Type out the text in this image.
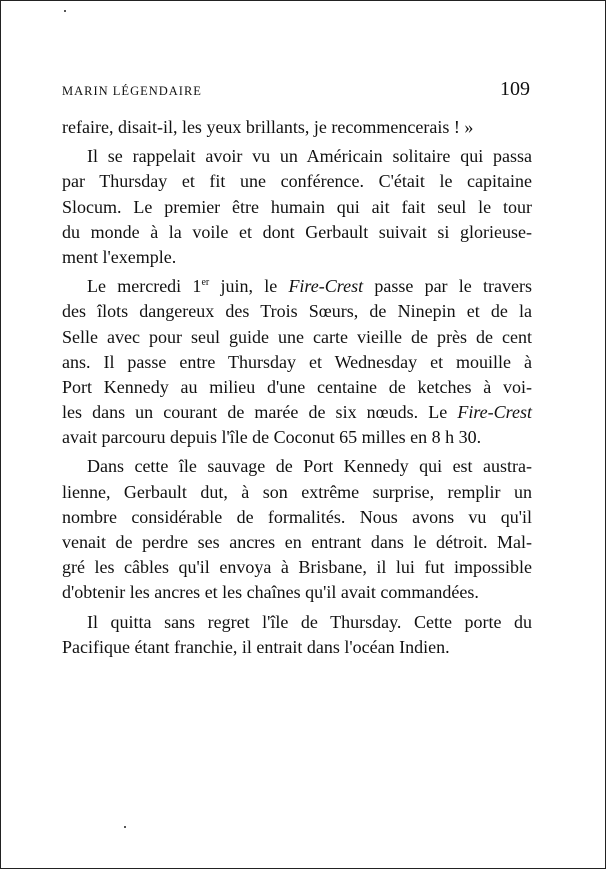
MARIN LÉGENDAIRE	109
refaire, disait-il, les yeux brillants, je recommencerais ! »
Il se rappelait avoir vu un Américain solitaire qui passa
par Thursday et fit une conférence. C'était le capitaine
Slocum. Le premier être humain qui ait fait seul le tour
du monde à la voile et dont Gerbault suivait si glorieuse-
ment l'exemple.
Le mercredi 1er juin, le Fire-Crest passe par le travers
des îlots dangereux des Trois Sœurs, de Ninepin et de la
Selle avec pour seul guide une carte vieille de près de cent
ans. Il passe entre Thursday et Wednesday et mouille à
Port Kennedy au milieu d'une centaine de ketches à voi-
les dans un courant de marée de six nœuds. Le Fire-Crest
avait parcouru depuis l'île de Coconut 65 milles en 8 h 30.
Dans cette île sauvage de Port Kennedy qui est austra-
lienne, Gerbault dut, à son extrême surprise, remplir un
nombre considérable de formalités. Nous avons vu qu'il
venait de perdre ses ancres en entrant dans le détroit. Mal-
gré les câbles qu'il envoya à Brisbane, il lui fut impossible
d'obtenir les ancres et les chaînes qu'il avait commandées.
Il quitta sans regret l'île de Thursday. Cette porte du
Pacifique étant franchie, il entrait dans l'océan Indien.
